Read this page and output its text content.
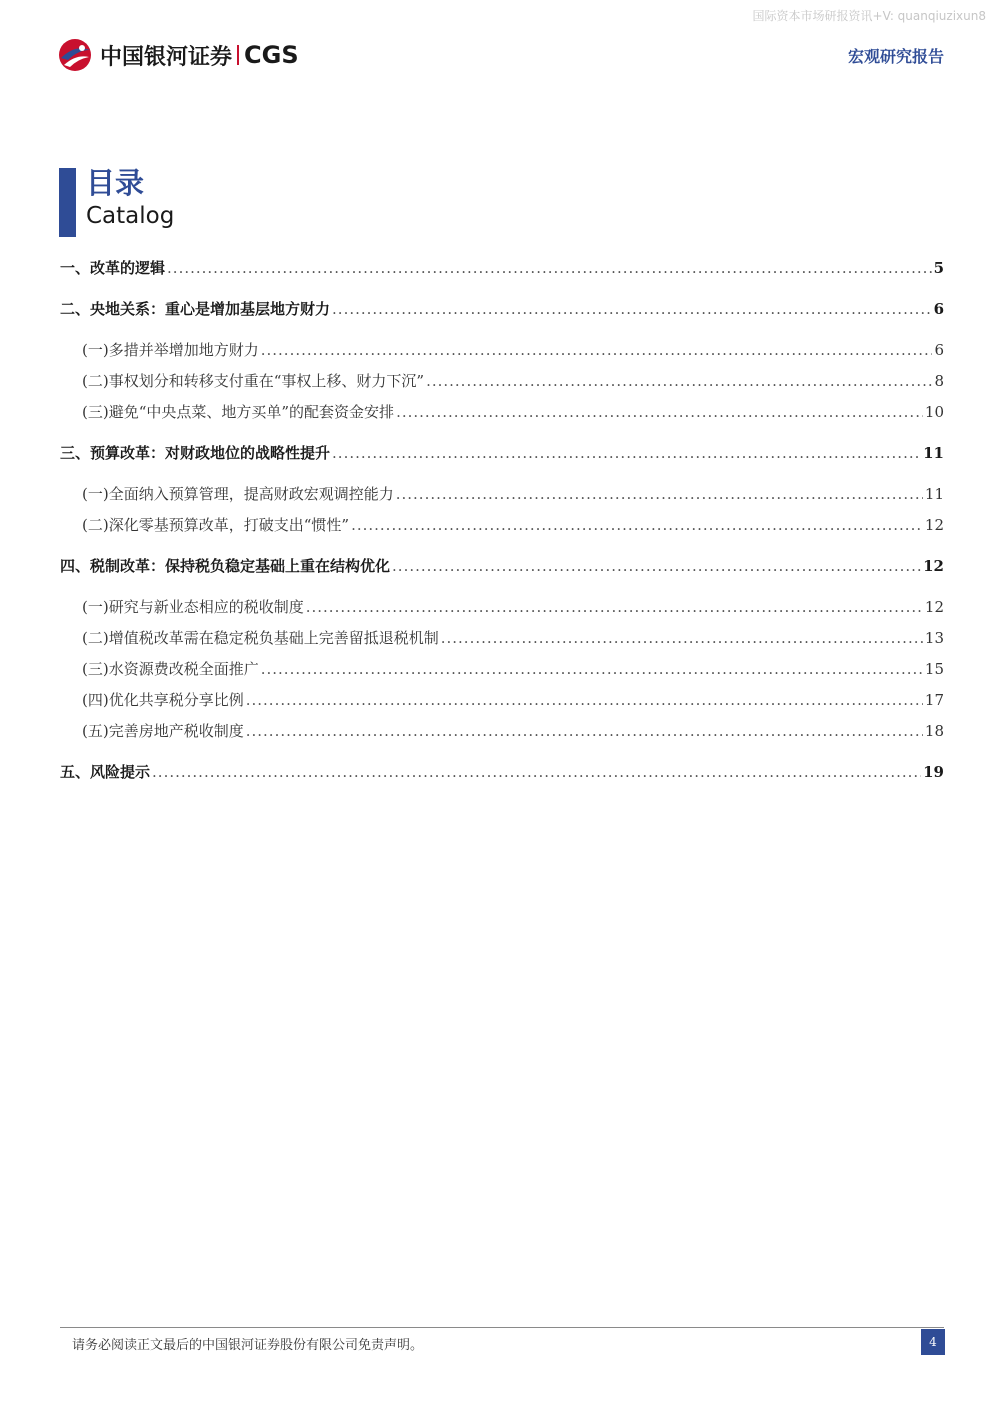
国际资本市场研报资讯+V: quanqiuzixun8
中国银河证券 CGS	宏观研究报告
目录
Catalog
一、 改革的逻辑 .....	5
二、 央地关系：重心是增加基层地方财力 .....	6
(一) 多措并举增加地方财力 .....	6
(二) 事权划分和转移支付重在“事权上移、财力下沉” .....	8
(三) 避免“中央点菜、地方买单”的配套资金安排 .....	10
三、 预算改革：对财政地位的战略性提升 .....	11
(一) 全面纳入预算管理，提高财政宏观调控能力 .....	11
(二) 深化零基预算改革，打破支出“惯性” .....	12
四、 税制改革：保持税负稳定基础上重在结构优化 .....	12
(一) 研究与新业态相应的税收制度 .....	12
(二) 增值税改革需在稳定税负基础上完善留抵退税机制 .....	13
(三) 水资源费改税全面推广 .....	15
(四) 优化共享税分享比例 .....	17
(五) 完善房地产税收制度 .....	18
五、 风险提示 .....	19
请务必阅读正文最后的中国银河证券股份有限公司免责声明。	4
